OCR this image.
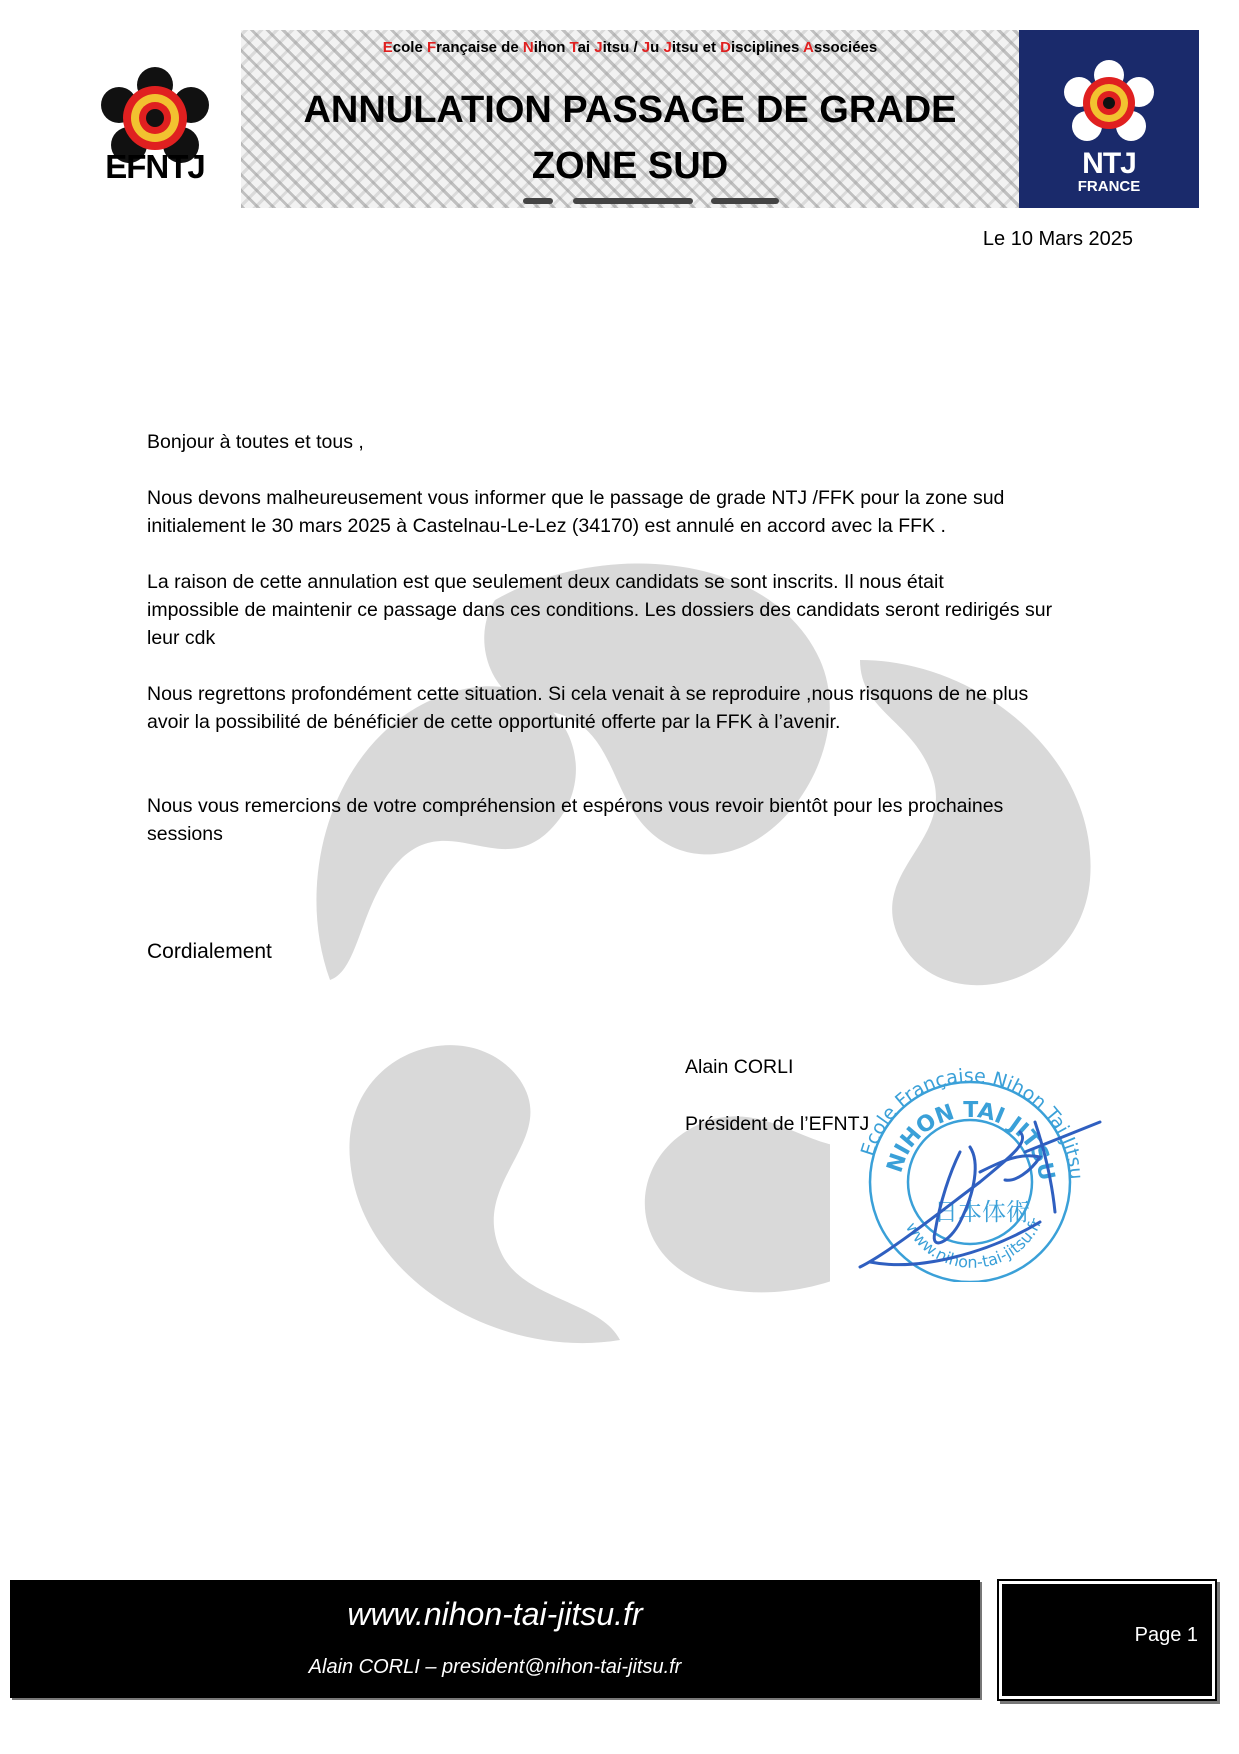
EFNTJ
Ecole Française de Nihon Tai Jitsu / Ju Jitsu et Disciplines Associées
ANNULATION PASSAGE DE GRADE
ZONE SUD	NTJ
FRANCE
Le 10 Mars 2025

Bonjour à toutes et tous ,

Nous devons malheureusement vous informer que le passage de grade NTJ /FFK pour la zone sud

initialement le 30 mars 2025 à Castelnau-Le-Lez (34170) est annulé en accord avec la FFK .

La raison de cette annulation est que seulement deux candidats se sont inscrits. Il nous était

impossible de maintenir ce passage dans ces conditions. Les dossiers des candidats seront redirigés sur

leur cdk

Nous regrettons profondément cette situation. Si cela venait à se reproduire ,nous risquons de ne plus

avoir la possibilité de bénéficier de cette opportunité offerte par la FFK à l’avenir.

Nous vous remercions de votre compréhension et espérons vous revoir bientôt pour les prochaines

sessions

Cordialement
Ecole Française Nihon Tai Jitsu
NIHON TAI JITSU
www.nihon-tai-jitsu.fr
日本体術
Alain CORLI
Président de l’EFNTJ
www.nihon-tai-jitsu.fr
Alain CORLI – president@nihon-tai-jitsu.fr
Page 1
